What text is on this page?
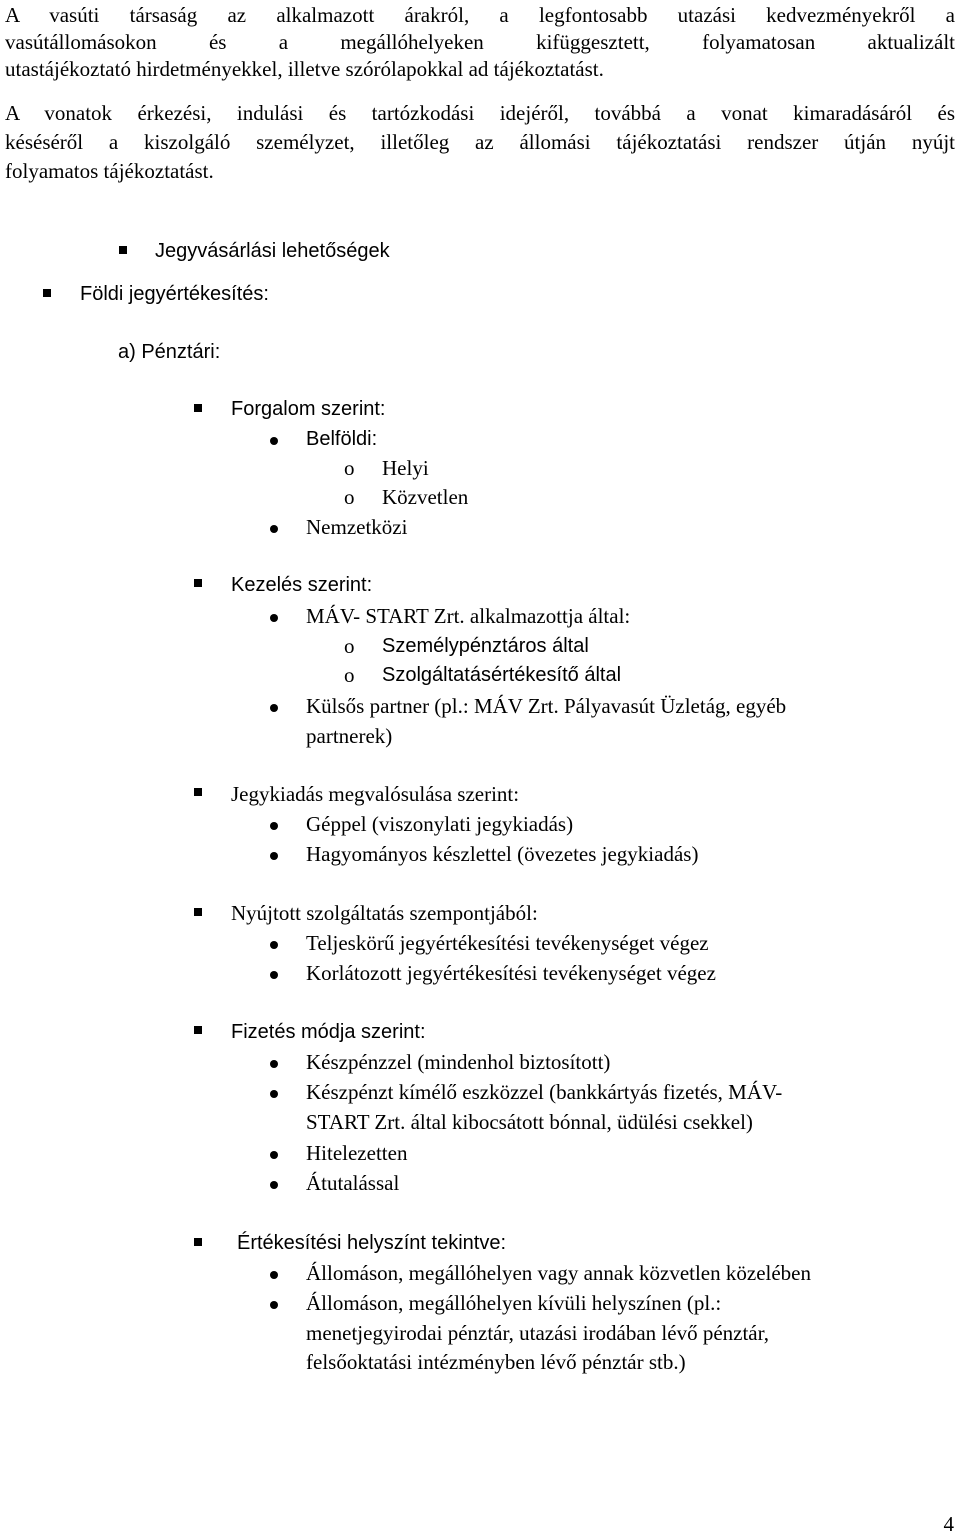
A vasúti társaság az alkalmazott árakról, a legfontosabb utazási kedvezményekről a
vasútállomásokon és a megállóhelyeken kifüggesztett, folyamatosan aktualizált
utastájékoztató hirdetményekkel, illetve szórólapokkal ad tájékoztatást.
A vonatok érkezési, indulási és tartózkodási idejéről, továbbá a vonat kimaradásáról és
késéséről a kiszolgáló személyzet, illetőleg az állomási tájékoztatási rendszer útján nyújt
folyamatos tájékoztatást.
Jegyvásárlási lehetőségek
Földi jegyértékesítés:
a) Pénztári:
Forgalom szerint:
Belföldi:
o Helyi
o Közvetlen
Nemzetközi
Kezelés szerint:
MÁV- START Zrt. alkalmazottja által:
o Személypénztáros által
o Szolgáltatásértékesítő által
Külsős partner (pl.: MÁV Zrt. Pályavasút Üzletág, egyéb
partnerek)
Jegykiadás megvalósulása szerint:
Géppel (viszonylati jegykiadás)
Hagyományos készlettel (övezetes jegykiadás)
Nyújtott szolgáltatás szempontjából:
Teljeskörű jegyértékesítési tevékenységet végez
Korlátozott jegyértékesítési tevékenységet végez
Fizetés módja szerint:
Készpénzzel (mindenhol biztosított)
Készpénzt kímélő eszközzel (bankkártyás fizetés, MÁV-
START Zrt. által kibocsátott bónnal, üdülési csekkel)
Hitelezetten
Átutalással
Értékesítési helyszínt tekintve:
Állomáson, megállóhelyen vagy annak közvetlen közelében
Állomáson, megállóhelyen kívüli helyszínen (pl.:
menetjegyirodai pénztár, utazási irodában lévő pénztár,
felsőoktatási intézményben lévő pénztár stb.)
4
